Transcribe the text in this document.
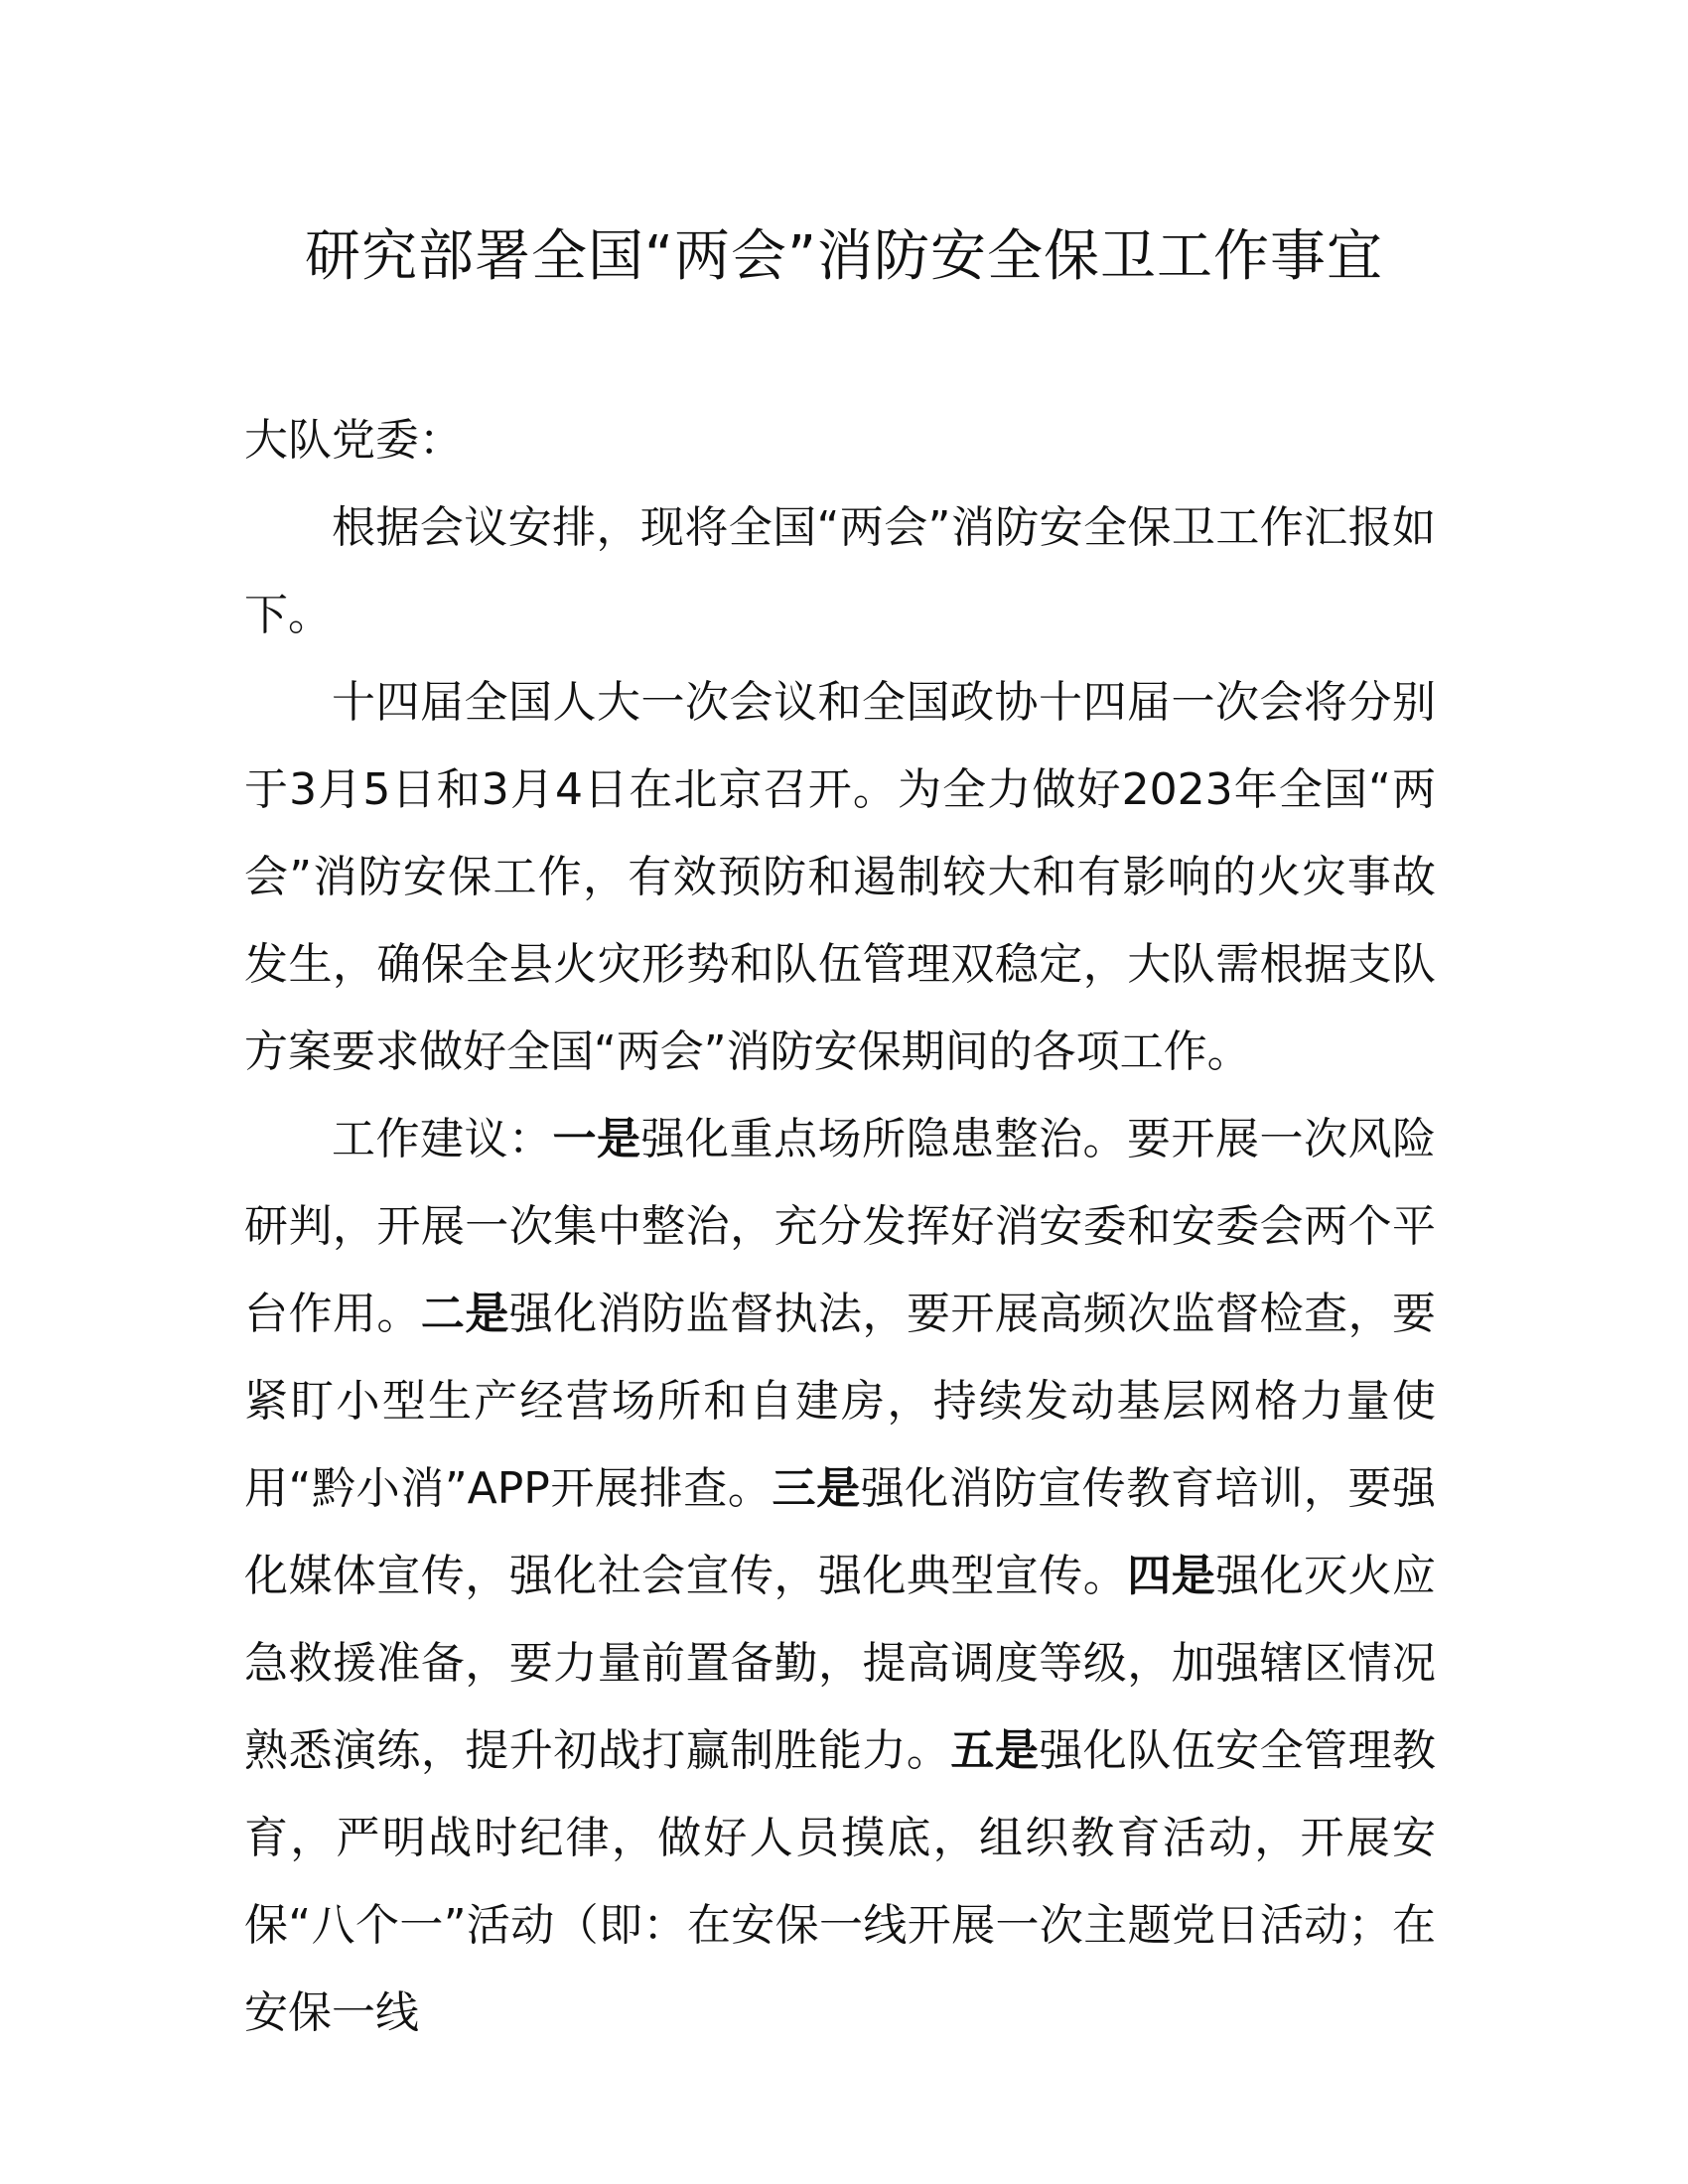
研究部署全国“两会”消防安全保卫工作事宜

大队党委：

根据会议安排，现将全国“两会”消防安全保卫工作汇报如下。

十四届全国人大一次会议和全国政协十四届一次会将分别于3月5日和3月4日在北京召开。为全力做好2023年全国“两会”消防安保工作，有效预防和遏制较大和有影响的火灾事故发生，确保全县火灾形势和队伍管理双稳定，大队需根据支队方案要求做好全国“两会”消防安保期间的各项工作。

工作建议：一是强化重点场所隐患整治。要开展一次风险研判，开展一次集中整治，充分发挥好消安委和安委会两个平台作用。二是强化消防监督执法，要开展高频次监督检查，要紧盯小型生产经营场所和自建房，持续发动基层网格力量使用“黔小消”APP开展排查。三是强化消防宣传教育培训，要强化媒体宣传，强化社会宣传，强化典型宣传。四是强化灭火应急救援准备，要力量前置备勤，提高调度等级，加强辖区情况熟悉演练，提升初战打赢制胜能力。五是强化队伍安全管理教育，严明战时纪律，做好人员摸底，组织教育活动，开展安保“八个一”活动（即：在安保一线开展一次主题党日活动；在安保一线
